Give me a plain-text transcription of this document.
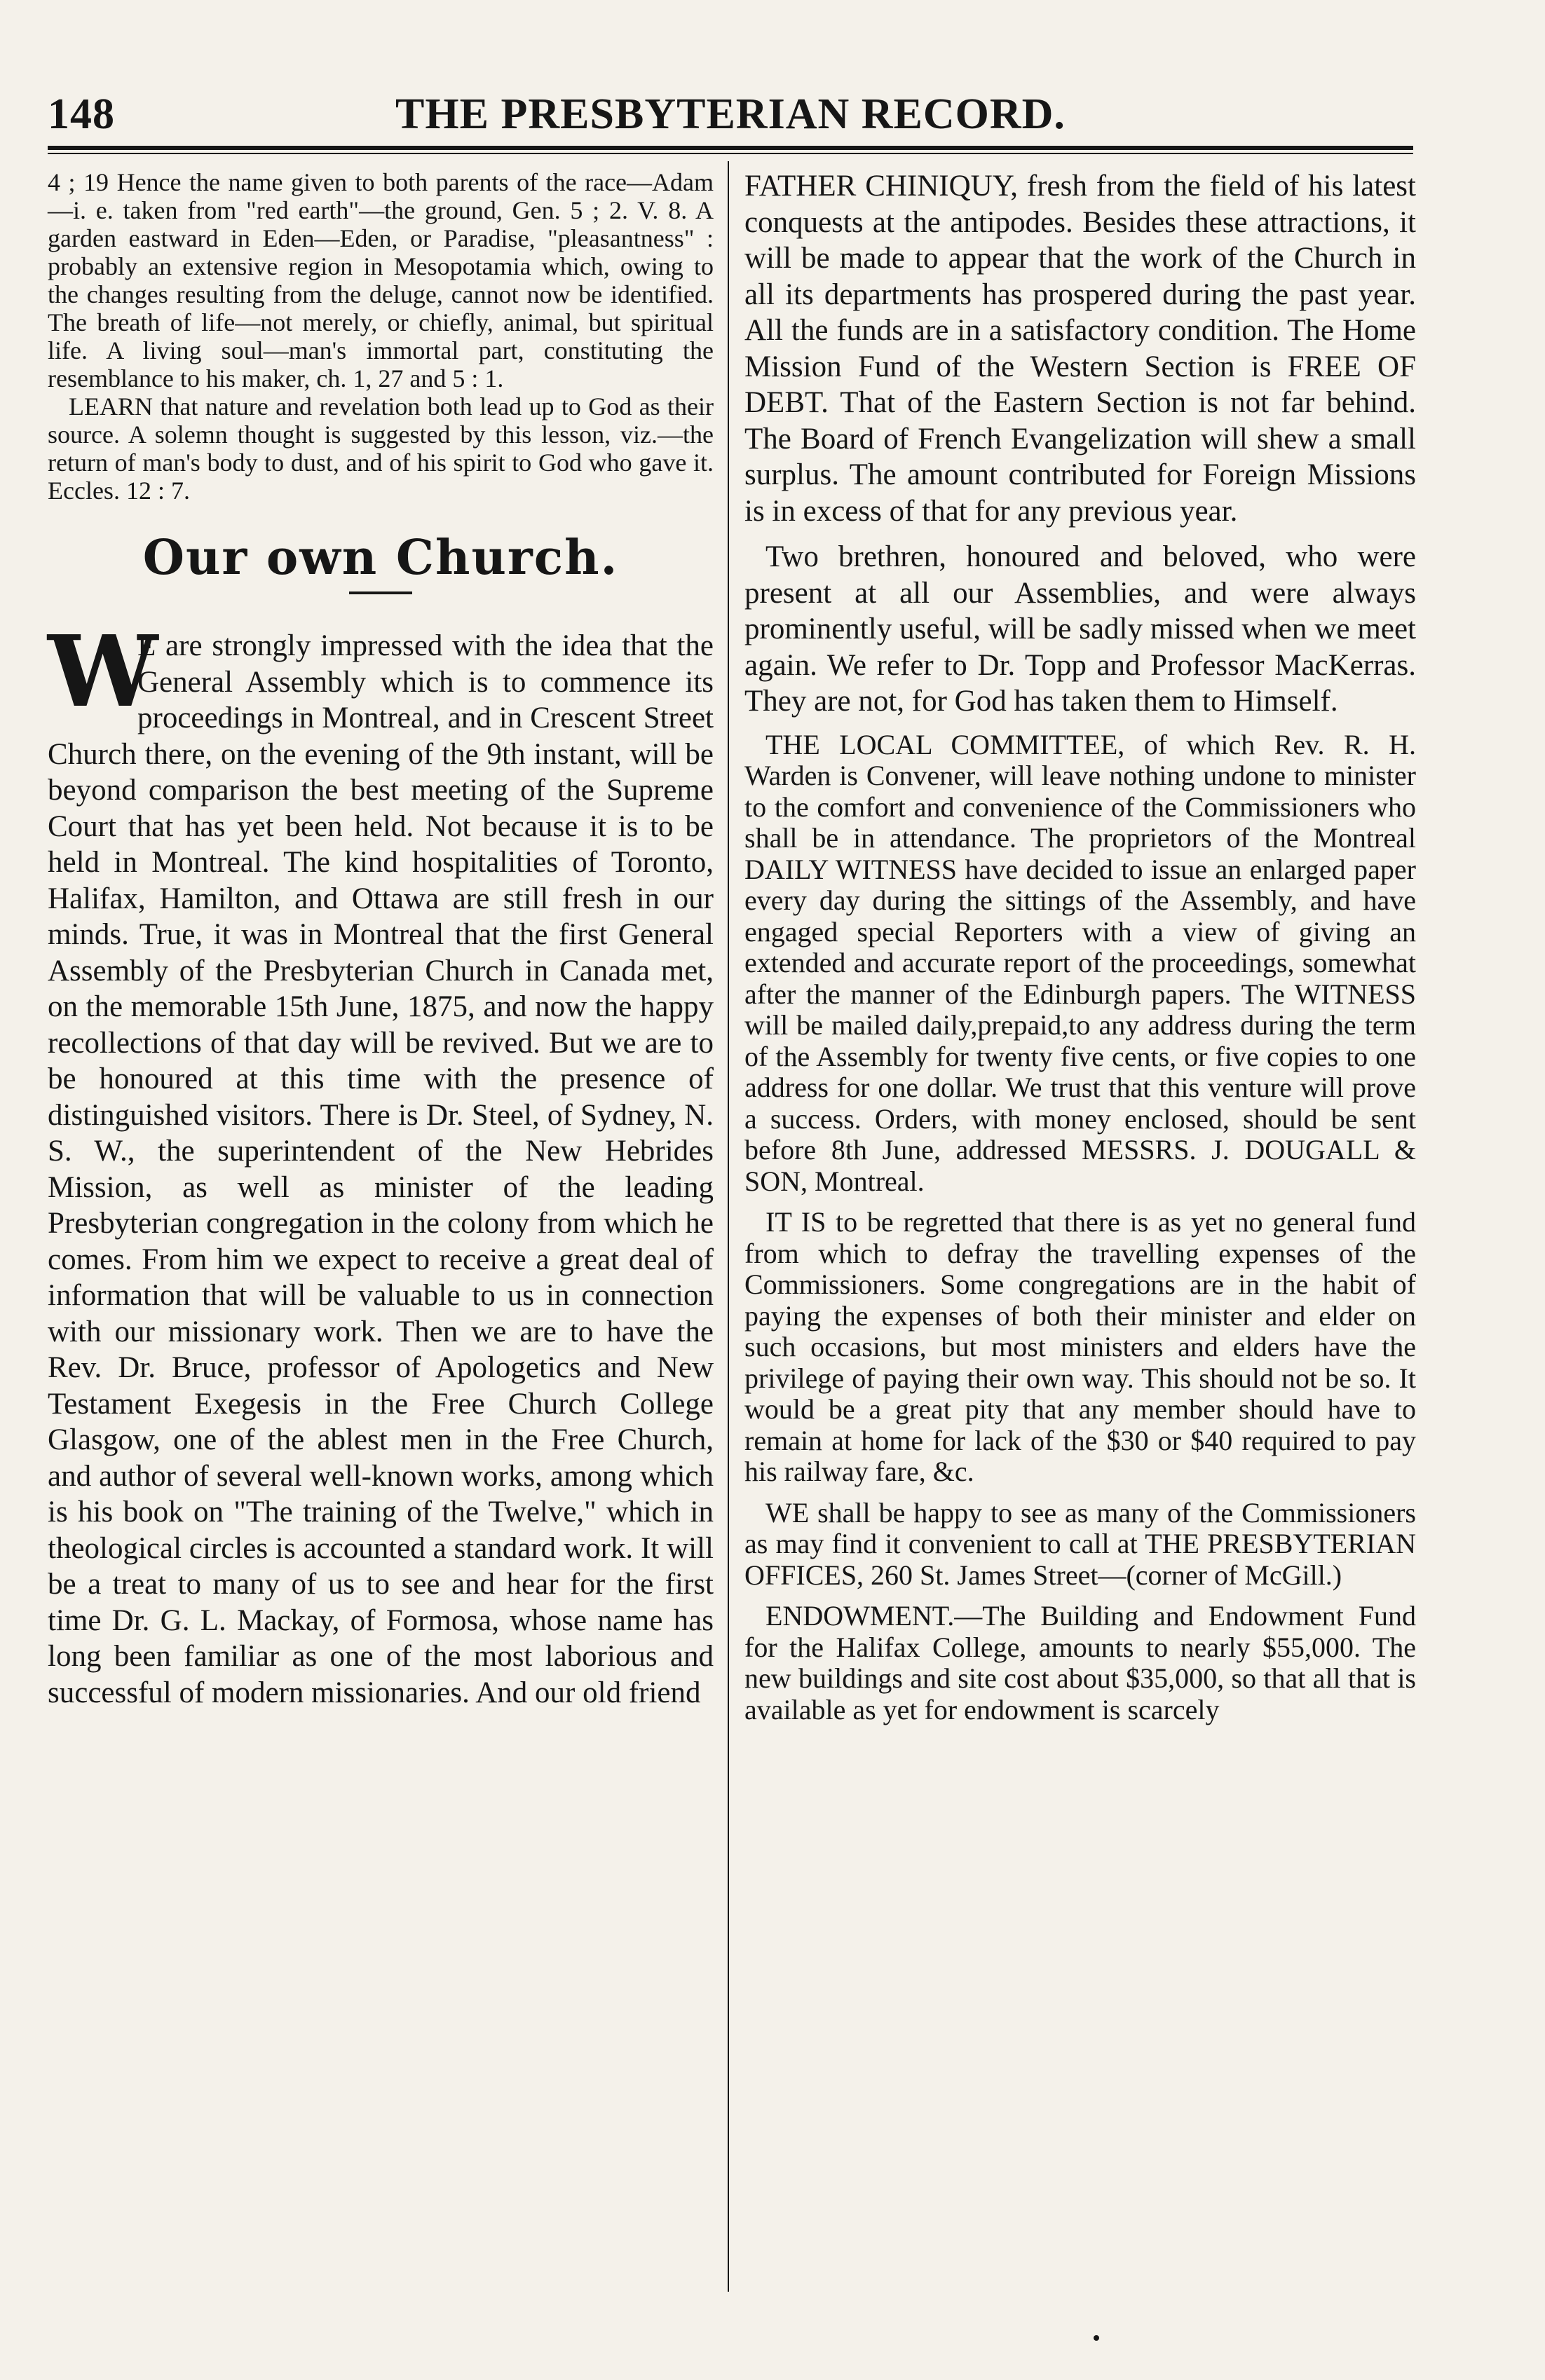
148	THE PRESBYTERIAN RECORD.

4 ; 19 Hence the name given to both parents of the race—Adam—i. e. taken from "red earth"—the ground, Gen. 5 ; 2. V. 8. A garden eastward in Eden—Eden, or Paradise, "pleasantness" : probably an extensive region in Mesopotamia which, owing to the changes resulting from the deluge, cannot now be identified. The breath of life—not merely, or chiefly, animal, but spiritual life. A living soul—man's immortal part, constituting the resemblance to his maker, ch. 1, 27 and 5 : 1.

LEARN that nature and revelation both lead up to God as their source. A solemn thought is suggested by this lesson, viz.—the return of man's body to dust, and of his spirit to God who gave it. Eccles. 12 : 7.

Our own Church.

W
E are strongly impressed with the idea that the General Assembly which is to commence its proceedings in Montreal, and in Crescent Street Church there, on the evening of the 9th instant, will be beyond comparison the best meeting of the Supreme Court that has yet been held. Not because it is to be held in Montreal. The kind hospitalities of Toronto, Halifax, Hamilton, and Ottawa are still fresh in our minds. True, it was in Montreal that the first General Assembly of the Presbyterian Church in Canada met, on the memorable 15th June, 1875, and now the happy recollections of that day will be revived. But we are to be honoured at this time with the presence of distinguished visitors. There is Dr. Steel, of Sydney, N. S. W., the superintendent of the New Hebrides Mission, as well as minister of the leading Presbyterian congregation in the colony from which he comes. From him we expect to receive a great deal of information that will be valuable to us in connection with our missionary work. Then we are to have the Rev. Dr. Bruce, professor of Apologetics and New Testament Exegesis in the Free Church College Glasgow, one of the ablest men in the Free Church, and author of several well-known works, among which is his book on "The training of the Twelve," which in theological circles is accounted a standard work. It will be a treat to many of us to see and hear for the first time Dr. G. L. Mackay, of Formosa, whose name has long been familiar as one of the most laborious and successful of modern missionaries. And our old friend

FATHER CHINIQUY, fresh from the field of his latest conquests at the antipodes. Besides these attractions, it will be made to appear that the work of the Church in all its departments has prospered during the past year. All the funds are in a satisfactory condition. The Home Mission Fund of the Western Section is FREE OF DEBT. That of the Eastern Section is not far behind. The Board of French Evangelization will shew a small surplus. The amount contributed for Foreign Missions is in excess of that for any previous year.

Two brethren, honoured and beloved, who were present at all our Assemblies, and were always prominently useful, will be sadly missed when we meet again. We refer to Dr. Topp and Professor MacKerras. They are not, for God has taken them to Himself.

THE LOCAL COMMITTEE, of which Rev. R. H. Warden is Convener, will leave nothing undone to minister to the comfort and convenience of the Commissioners who shall be in attendance. The proprietors of the Montreal DAILY WITNESS have decided to issue an enlarged paper every day during the sittings of the Assembly, and have engaged special Reporters with a view of giving an extended and accurate report of the proceedings, somewhat after the manner of the Edinburgh papers. The WITNESS will be mailed daily,prepaid,to any address during the term of the Assembly for twenty five cents, or five copies to one address for one dollar. We trust that this venture will prove a success. Orders, with money enclosed, should be sent before 8th June, addressed MESSRS. J. DOUGALL & SON, Montreal.

IT IS to be regretted that there is as yet no general fund from which to defray the travelling expenses of the Commissioners. Some congregations are in the habit of paying the expenses of both their minister and elder on such occasions, but most ministers and elders have the privilege of paying their own way. This should not be so. It would be a great pity that any member should have to remain at home for lack of the $30 or $40 required to pay his railway fare, &c.

WE shall be happy to see as many of the Commissioners as may find it convenient to call at THE PRESBYTERIAN OFFICES, 260 St. James Street—(corner of McGill.)

ENDOWMENT.—The Building and Endowment Fund for the Halifax College, amounts to nearly $55,000. The new buildings and site cost about $35,000, so that all that is available as yet for endowment is scarcely
